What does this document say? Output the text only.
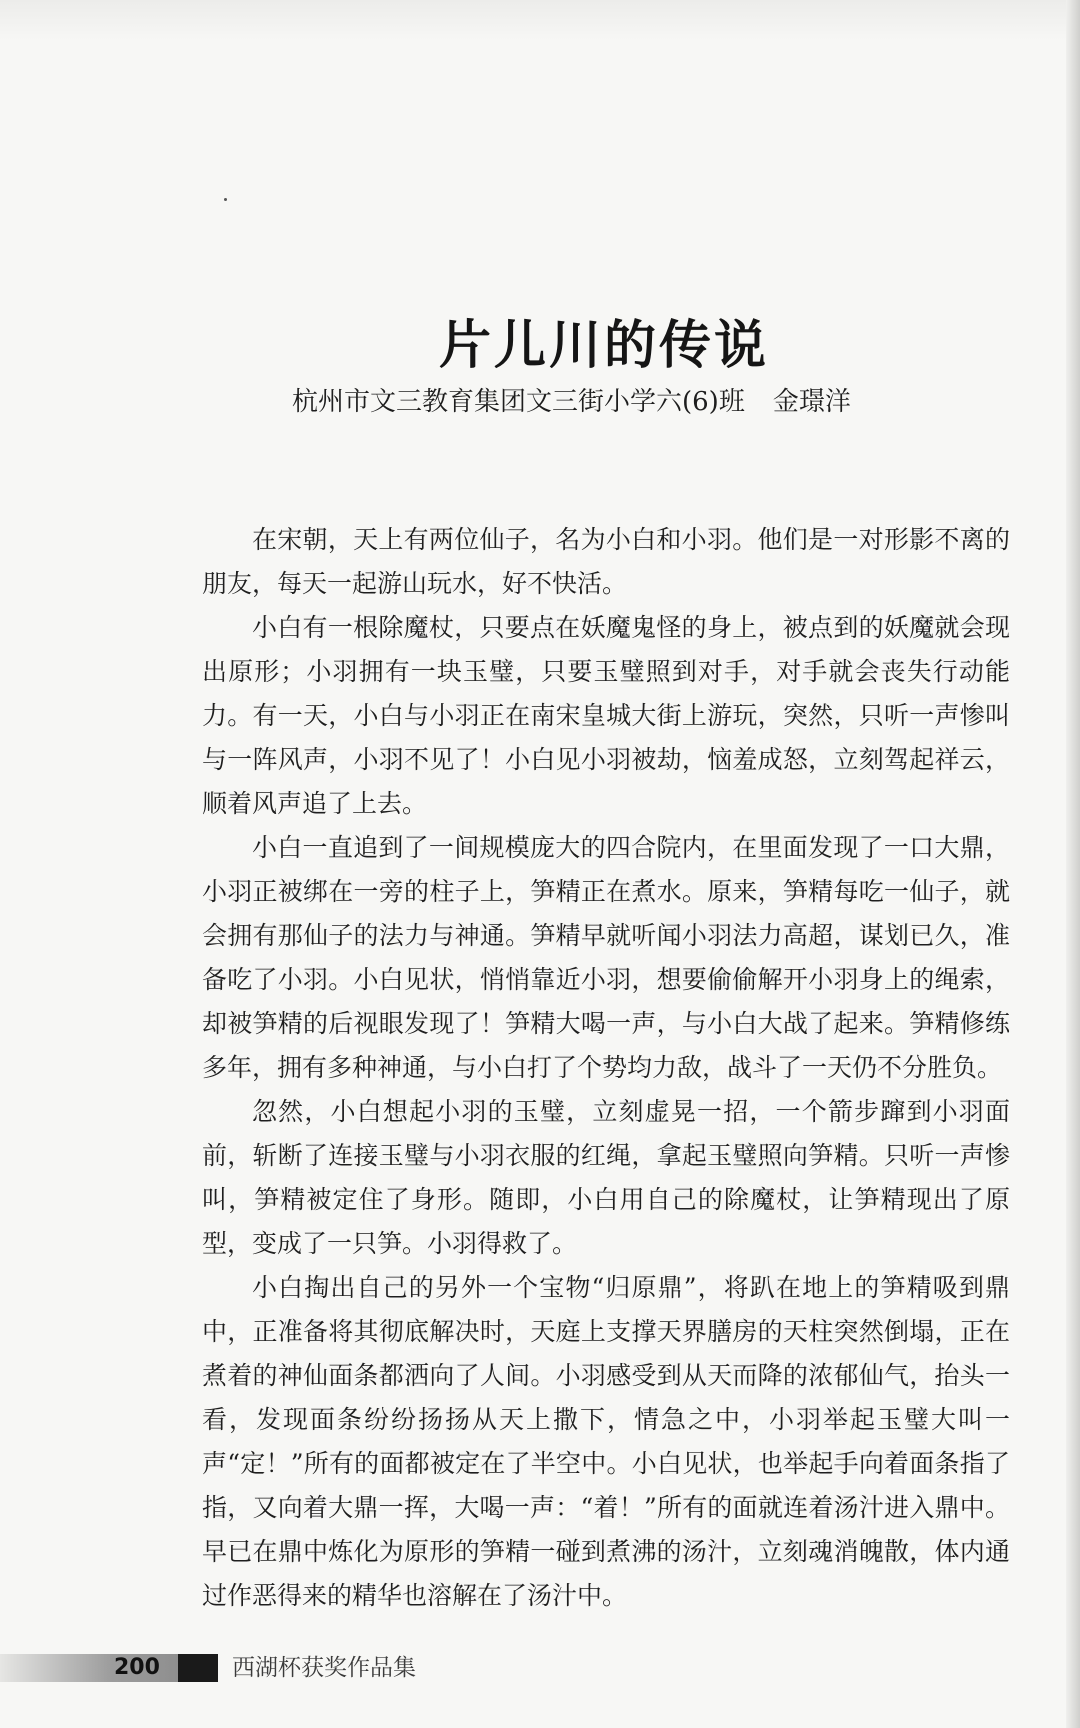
片儿川的传说
杭州市文三教育集团文三街小学六(6)班 金璟洋

在宋朝，天上有两位仙子，名为小白和小羽。他们是一对形影不离的朋友，每天一起游山玩水，好不快活。

小白有一根除魔杖，只要点在妖魔鬼怪的身上，被点到的妖魔就会现出原形；小羽拥有一块玉璧，只要玉璧照到对手，对手就会丧失行动能力。有一天，小白与小羽正在南宋皇城大街上游玩，突然，只听一声惨叫与一阵风声，小羽不见了！小白见小羽被劫，恼羞成怒，立刻驾起祥云，顺着风声追了上去。

小白一直追到了一间规模庞大的四合院内，在里面发现了一口大鼎，小羽正被绑在一旁的柱子上，笋精正在煮水。原来，笋精每吃一仙子，就会拥有那仙子的法力与神通。笋精早就听闻小羽法力高超，谋划已久，准备吃了小羽。小白见状，悄悄靠近小羽，想要偷偷解开小羽身上的绳索，却被笋精的后视眼发现了！笋精大喝一声，与小白大战了起来。笋精修练多年，拥有多种神通，与小白打了个势均力敌，战斗了一天仍不分胜负。

忽然，小白想起小羽的玉璧，立刻虚晃一招，一个箭步蹿到小羽面前，斩断了连接玉璧与小羽衣服的红绳，拿起玉璧照向笋精。只听一声惨叫，笋精被定住了身形。随即，小白用自己的除魔杖，让笋精现出了原型，变成了一只笋。小羽得救了。

小白掏出自己的另外一个宝物“归原鼎”，将趴在地上的笋精吸到鼎中，正准备将其彻底解决时，天庭上支撑天界膳房的天柱突然倒塌，正在煮着的神仙面条都洒向了人间。小羽感受到从天而降的浓郁仙气，抬头一看，发现面条纷纷扬扬从天上撒下，情急之中，小羽举起玉璧大叫一声“定！”所有的面都被定在了半空中。小白见状，也举起手向着面条指了指，又向着大鼎一挥，大喝一声：“着！”所有的面就连着汤汁进入鼎中。早已在鼎中炼化为原形的笋精一碰到煮沸的汤汁，立刻魂消魄散，体内通过作恶得来的精华也溶解在了汤汁中。

200	西湖杯获奖作品集
